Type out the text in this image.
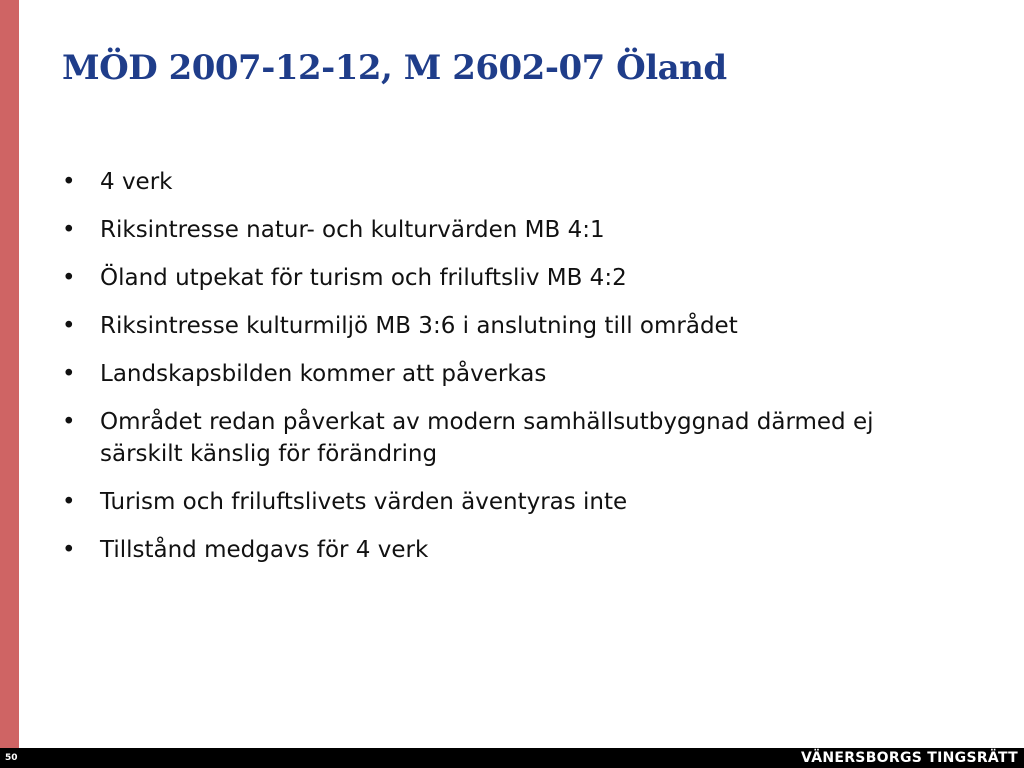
MÖD 2007-12-12, M 2602-07 Öland
• 4 verk
• Riksintresse natur- och kulturvärden MB 4:1
• Öland utpekat för turism och friluftsliv MB 4:2
• Riksintresse kulturmiljö MB 3:6 i anslutning till området
• Landskapsbilden kommer att påverkas
• Området redan påverkat av modern samhällsutbyggnad därmed ej särskilt känslig för förändring
• Turism och friluftslivets värden äventyras inte
• Tillstånd medgavs för 4 verk
50	VÄNERSBORGS TINGSRÄTT
